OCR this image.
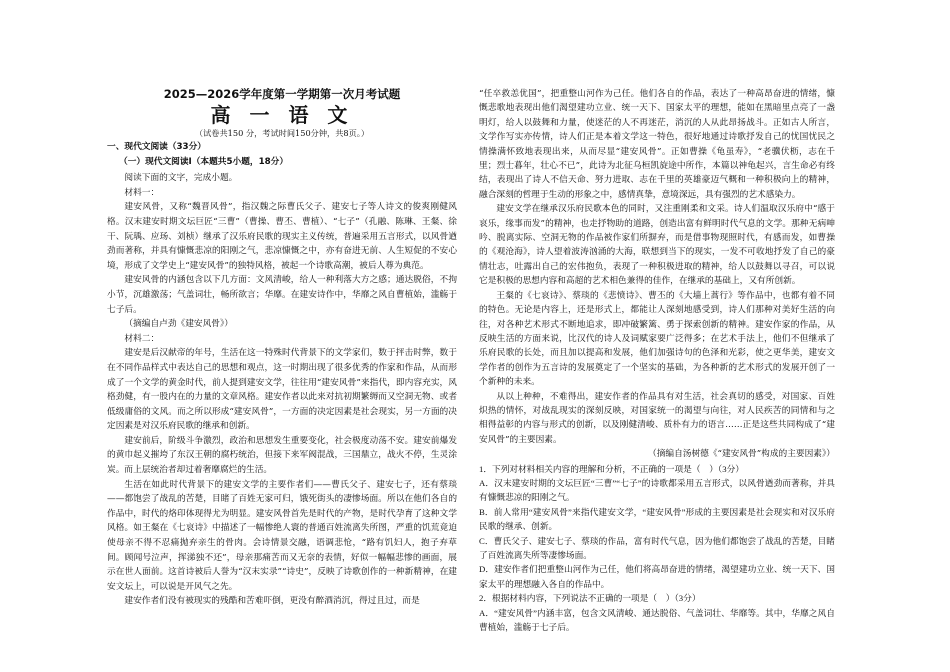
2025—2026学年度第一学期第一次月考试题
高 一 语 文
（试卷共150 分，考试时间150分钟，共8页。）
一、现代文阅读（33分）
（一）现代文阅读Ⅰ（本题共5小题，18分）

阅读下面的文字，完成小题。

材料一：

建安风骨，又称“魏晋风骨”，指汉魏之际曹氏父子、建安七子等人诗文的俊爽刚健风格。汉末建安时期文坛巨匠“三曹”（曹操、曹丕、曹植）、“七子”（孔融、陈琳、王粲、徐干、阮瑀、应玚、刘桢）继承了汉乐府民歌的现实主义传统，普遍采用五言形式，以风骨遒劲而著称，并具有慷慨悲凉的阳刚之气，悲凉慷慨之中，亦有奋进无前、人生短促的不安心境，形成了文学史上“建安风骨”的独特风格，被起一个诗歌高潮，被后人尊为典范。

建安风骨的内涵包含以下几方面：文风清峻，给人一种利落大方之感；通达脱俗，不拘小节，沉雄激荡；气盖词壮，畅所欲言；华靡。在建安诗作中，华靡之风自曹植始，滥觞于七子后。

（摘编自卢劲《建安风骨》）

材料二：

建安是后汉献帝的年号，生活在这一特殊时代背景下的文学家们，数于抨击时弊，数于在不同作品样式中表达自己的思想和观点，这一时期出现了很多优秀的作家和作品，从而形成了一个文学的黄金时代，前人提到建安文学，往往用“建安风骨”来指代，即内容充实，风格劲健，有一股内在的力量的文章风格。建安作者以此来对抗初期繁缛而又空洞无物、或者低级庸俗的文风。而之所以形成“建安风骨”，一方面的决定因素是社会现实，另一方面的决定因素是对汉乐府民歌的继承和创新。

建安前后，阶级斗争激烈，政治和思想发生重要变化，社会极度动荡不安。建安前爆发的黄巾起义摧垮了东汉王朝的腐朽统治，但接下来军阀混战，三国鼎立，战火不停，生灵涂炭。而上层统治者却过着奢靡腐烂的生活。

生活在如此时代背景下的建安文学的主要作者们——曹氏父子、建安七子，还有蔡琰——都饱尝了战乱的苦楚，目睹了百姓无家可归，饿死街头的凄惨场面。所以在他们各自的作品中，时代的烙印体现得尤为明显。建安风骨首先是时代的产物，是时代孕育了这种文学风格。如王粲在《七哀诗》中描述了一幅惨绝人寰的普通百姓流离失所图，严重的饥荒竟迫使母亲不得不忍痛抛弃亲生的骨肉。会诗情景交融，语调悲怆，“路有饥妇人，抱子弃草间。顾闻号泣声，挥涕独不还”，母亲那痛苦而又无奈的表情，好似一幅幅悲惨的画面，展示在世人面前。这首诗被后人誉为“汉末实录”“诗史”，反映了诗歌创作的一种新精神，在建安文坛上，可以说是开风气之先。

建安作者们没有被现实的残酷和苦难吓倒，更没有醉酒消沉，得过且过，而是

“任卒救恙优国”，把重整山河作为己任。他们各自的作品，表达了一种高昂奋进的情绪，慷慨悲歌地表现出他们渴望建功立业、统一天下、国家太平的理想，能如在黑暗里点亮了一盏明灯，给人以鼓舞和力量，使迷茫的人不再迷茫，消沉的人从此昂扬战斗。正如古人所言，文学作写实亦传情，诗人们正是本着文学这一特色，很好地通过诗歌抒发自己的忧国忧民之情操满怀致地表现出来，从而尽显“建安风骨”。正如曹操《龟虽寿》，“老骥伏枥，志在千里；烈士暮年，壮心不已”，此诗为北征乌桓凯旋途中所作，本篇以神龟起兴，言生命必有终结，表现出了诗人不信天命、努力进取、志在千里的英雄豪迈气概和一种积极向上的精神，融合深刻的哲理于生动的形象之中，感情真挚，意境深远，具有强烈的艺术感染力。

建安文学在继承汉乐府民歌本色的同时，又注重刚柔和文采。诗人们温取汉乐府中“感于哀乐，缘事而发”的精神，也走抒物助的道路，创造出富有鲜明时代气息的文学。那种无病呻吟、脱离实际、空洞无物的作品被作家们所摒弃，而是借事物现照时代，有感而发，如曹操的《观沧海》，诗人望着波涛汹涌的大海，联想到当下的现实，一发不可收地抒发了自己的豪情壮志，吐露出自己的宏伟抱负，表现了一种积极进取的精神，给人以鼓舞以寻召，可以说它是积极的思想内容和高超的艺术相色兼得的佳作，在继承的基础上，又有所创新。

王粲的《七哀诗》、蔡琰的《悲愤诗》、曹丕的《大墙上蒿行》等作品中，也都有着不同的特色。无论是内容上，还是形式上，都能让人深刻地感受到，诗人们那种对美好生活的向往，对各种艺术形式不断地追求，即冲破繁篱、勇于探索创新的精神。建安作家的作品，从反映生活的方面来说，比汉代的诗人及词赋家要广泛得多；在艺术手法上，他们不但继承了乐府民歌的长处，而且加以提高和发展，他们加强诗句的色泽和光彩，使之更华美，建安文学作者的创作为五言诗的发展奠定了一个坚实的基础，为各种新的艺术形式的发展开创了一个新种的未来。

从以上种种，不难得出，建安作者的作品具有对生活，社会真切的感受，对国家、百姓炽热的情怀，对战乱现实的深刻反映，对国家统一的渴望与向往，对人民疾苦的同情和与之相得益彰的内容与形式的创新，以及刚健清峻、质朴有力的语言……正是这些共同构成了“建安风骨”的主要因素。

（摘编自汤树德《“建安风骨”构成的主要因素》）

1．下列对材料相关内容的理解和分析，不正确的一项是（　）（3分）

A．汉末建安时期的文坛巨匠“三曹”“七子”的诗歌都采用五言形式，以风骨遒劲而著称，并具有慷慨悲凉的阳刚之气。

B．前人常用“建安风骨”来指代建安文学，“建安风骨”形成的主要因素是社会现实和对汉乐府民歌的继承、创新。

C．曹氏父子、建安七子、蔡琰的作品，富有时代气息，因为他们都饱尝了战乱的苦楚，目睹了百姓流离失所等凄惨场面。

D．建安作者们把重整山河作为己任，他们将高昂奋进的情绪，渴望建功立业、统一天下、国家太平的理想融入各自的作品中。

2．根据材料内容，下列说法不正确的一项是（　）（3分）

A．“建安风骨”内涵丰富，包含文风清峻、通达脱俗、气盖词壮、华靡等。其中，华靡之风自曹植始，滥觞于七子后。
